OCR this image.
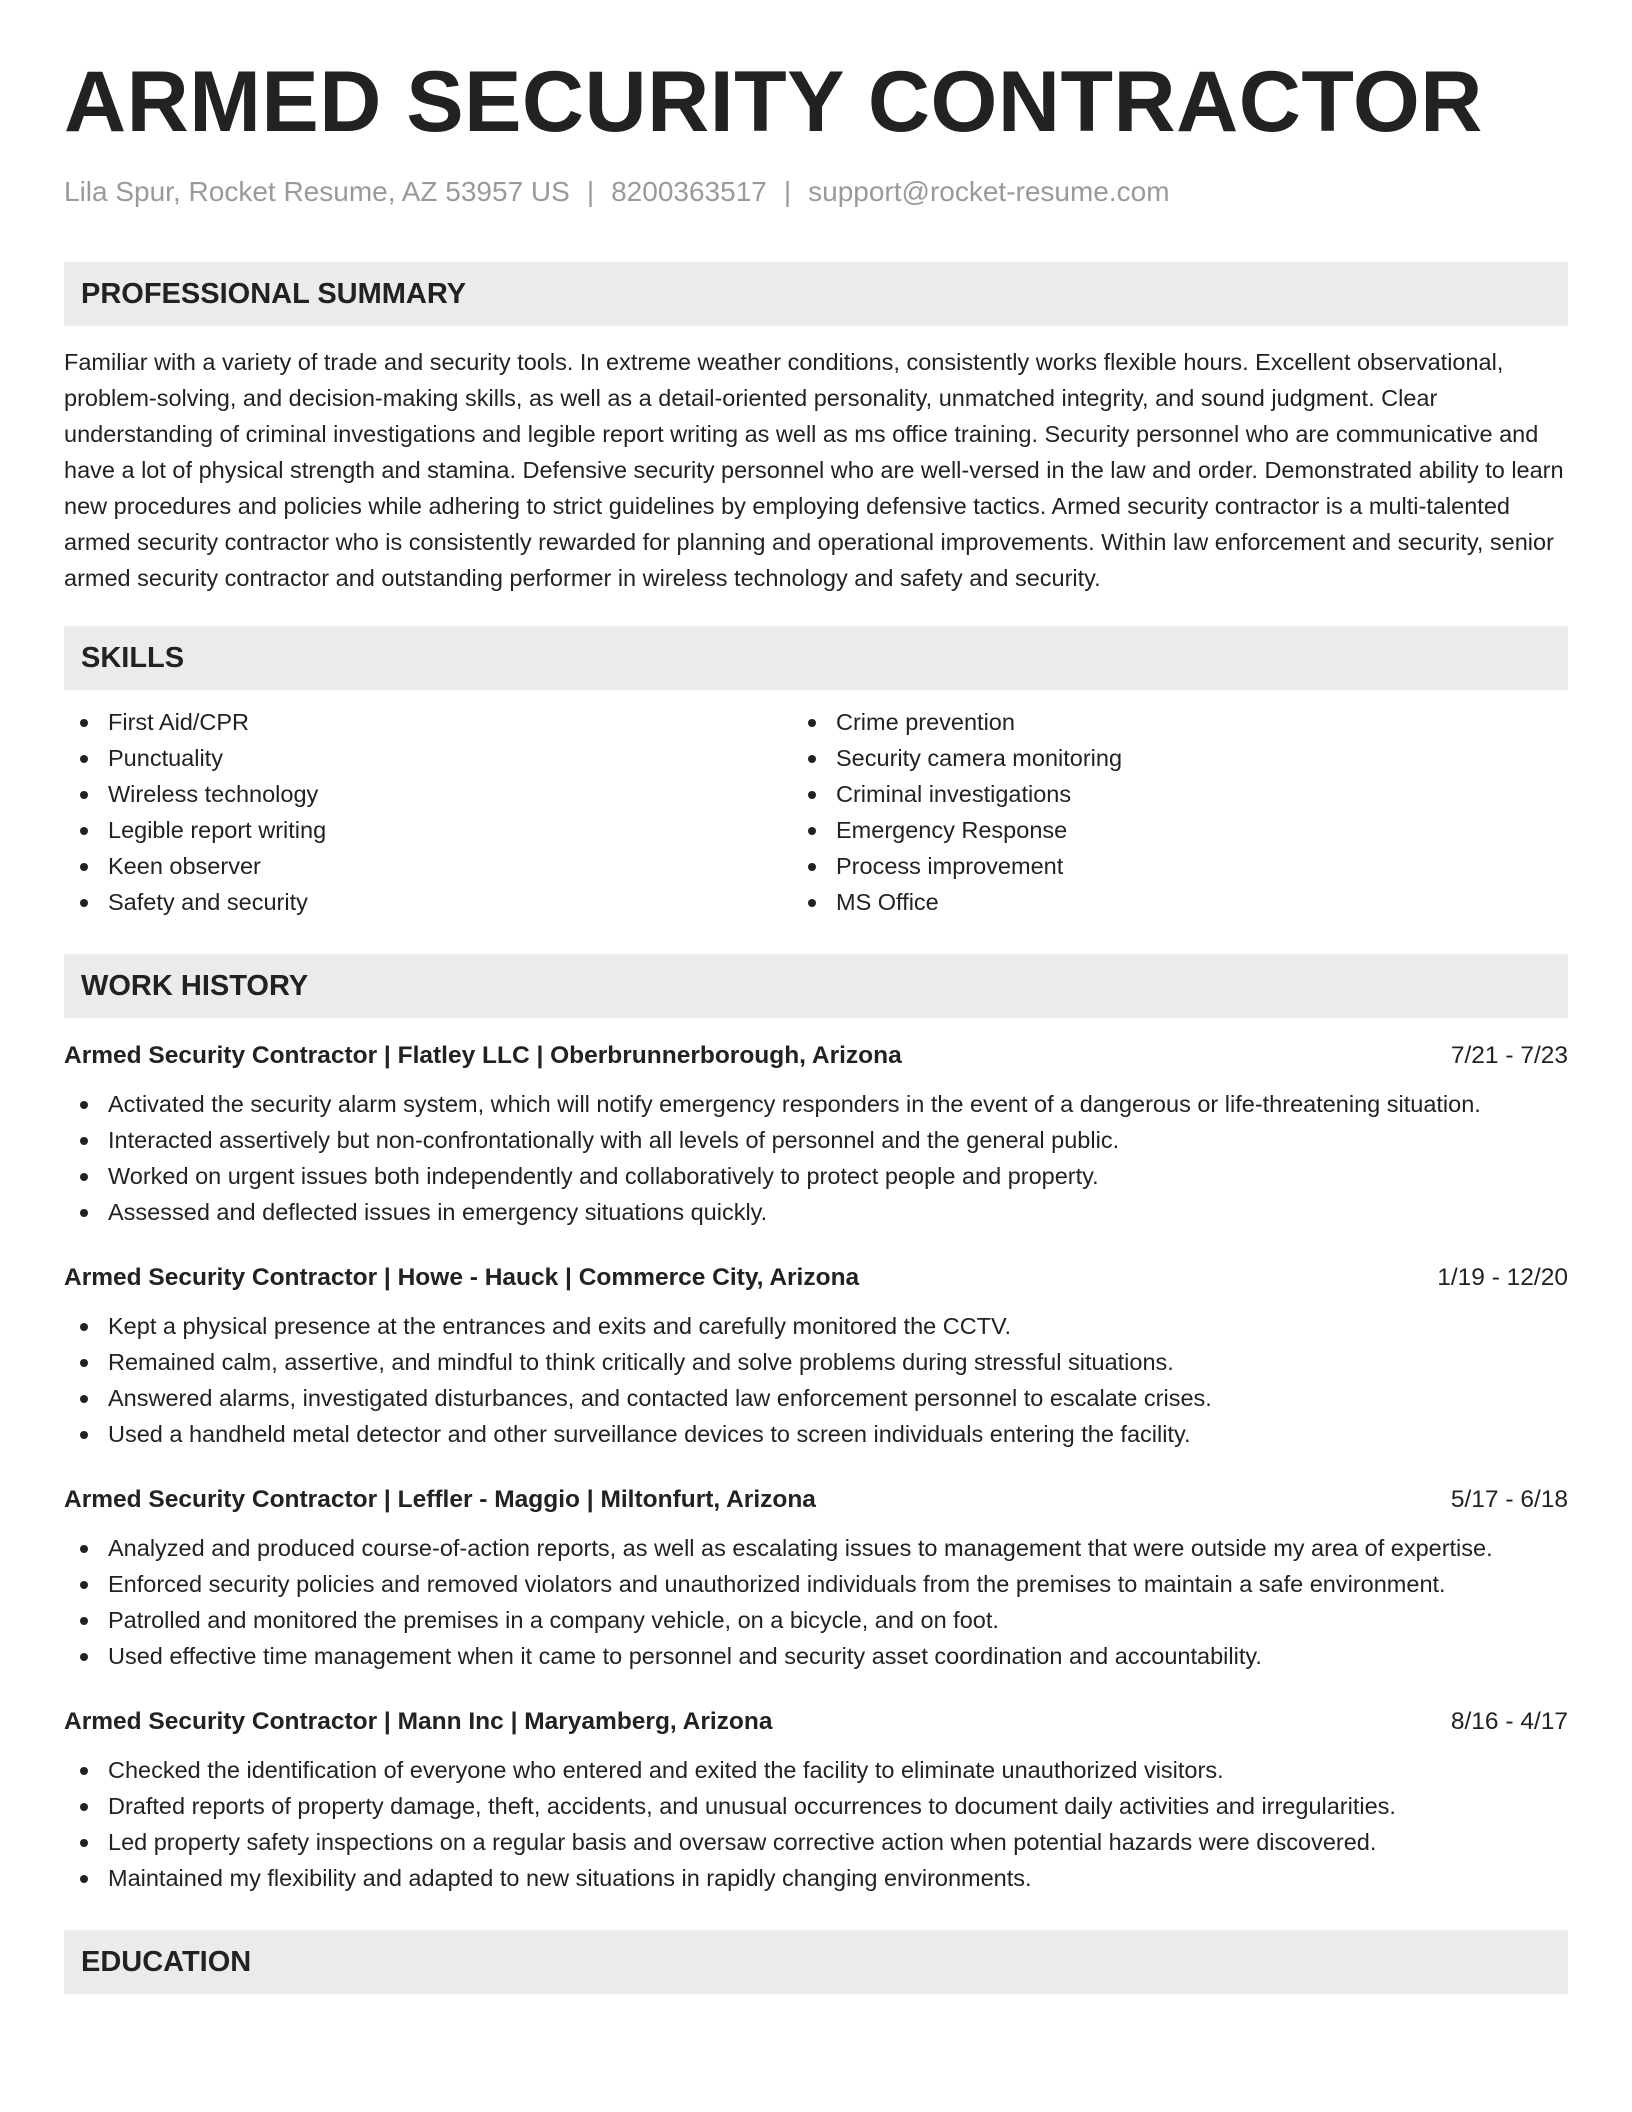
ARMED SECURITY CONTRACTOR
Lila Spur, Rocket Resume, AZ 53957 US | 8200363517 | support@rocket-resume.com
PROFESSIONAL SUMMARY

Familiar with a variety of trade and security tools. In extreme weather conditions, consistently works flexible hours. Excellent observational, problem-solving, and decision-making skills, as well as a detail-oriented personality, unmatched integrity, and sound judgment. Clear understanding of criminal investigations and legible report writing as well as ms office training. Security personnel who are communicative and have a lot of physical strength and stamina. Defensive security personnel who are well-versed in the law and order. Demonstrated ability to learn new procedures and policies while adhering to strict guidelines by employing defensive tactics. Armed security contractor is a multi-talented armed security contractor who is consistently rewarded for planning and operational improvements. Within law enforcement and security, senior armed security contractor and outstanding performer in wireless technology and safety and security.

SKILLS
First Aid/CPR
Punctuality
Wireless technology
Legible report writing
Keen observer
Safety and security
Crime prevention
Security camera monitoring
Criminal investigations
Emergency Response
Process improvement
MS Office
WORK HISTORY
Armed Security Contractor | Flatley LLC | Oberbrunnerborough, Arizona	7/21 - 7/23
Activated the security alarm system, which will notify emergency responders in the event of a dangerous or life-threatening situation.
Interacted assertively but non-confrontationally with all levels of personnel and the general public.
Worked on urgent issues both independently and collaboratively to protect people and property.
Assessed and deflected issues in emergency situations quickly.
Armed Security Contractor | Howe - Hauck | Commerce City, Arizona	1/19 - 12/20
Kept a physical presence at the entrances and exits and carefully monitored the CCTV.
Remained calm, assertive, and mindful to think critically and solve problems during stressful situations.
Answered alarms, investigated disturbances, and contacted law enforcement personnel to escalate crises.
Used a handheld metal detector and other surveillance devices to screen individuals entering the facility.
Armed Security Contractor | Leffler - Maggio | Miltonfurt, Arizona	5/17 - 6/18
Analyzed and produced course-of-action reports, as well as escalating issues to management that were outside my area of expertise.
Enforced security policies and removed violators and unauthorized individuals from the premises to maintain a safe environment.
Patrolled and monitored the premises in a company vehicle, on a bicycle, and on foot.
Used effective time management when it came to personnel and security asset coordination and accountability.
Armed Security Contractor | Mann Inc | Maryamberg, Arizona	8/16 - 4/17
Checked the identification of everyone who entered and exited the facility to eliminate unauthorized visitors.
Drafted reports of property damage, theft, accidents, and unusual occurrences to document daily activities and irregularities.
Led property safety inspections on a regular basis and oversaw corrective action when potential hazards were discovered.
Maintained my flexibility and adapted to new situations in rapidly changing environments.
EDUCATION
